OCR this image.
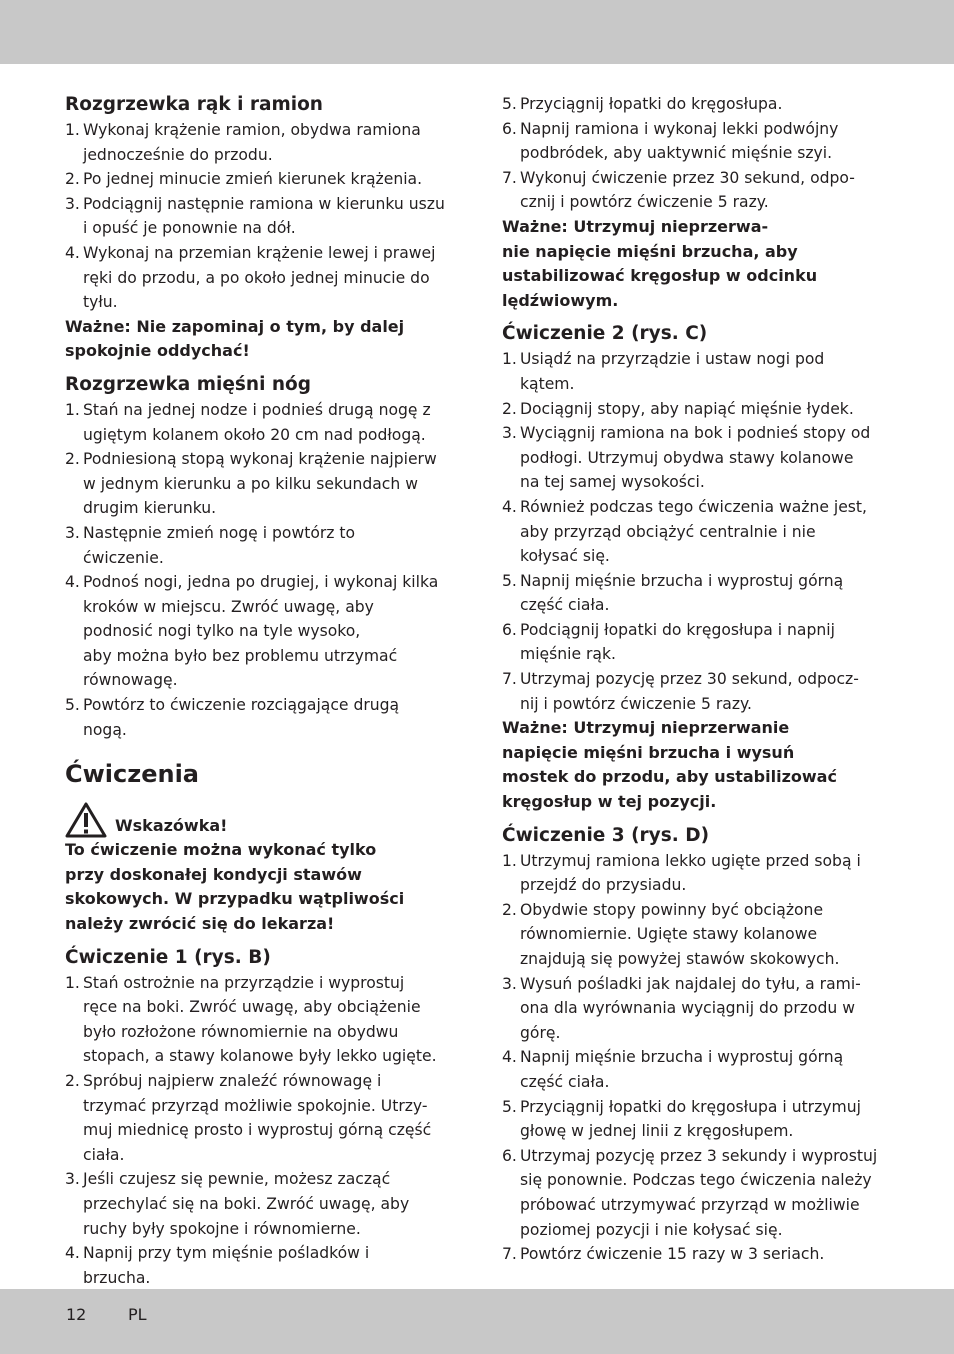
Rozgrzewka rąk i ramion
1. Wykonaj krążenie ramion, obydwa ramiona
jednocześnie do przodu.
2. Po jednej minucie zmień kierunek krążenia.
3. Podciągnij następnie ramiona w kierunku uszu
i opuść je ponownie na dół.
4. Wykonaj na przemian krążenie lewej i prawej
ręki do przodu, a po około jednej minucie do
tyłu.

Ważne: Nie zapominaj o tym, by dalej
spokojnie oddychać!

Rozgrzewka mięśni nóg
1. Stań na jednej nodze i podnieś drugą nogę z
ugiętym kolanem około 20 cm nad podłogą.
2. Podniesioną stopą wykonaj krążenie najpierw
w jednym kierunku a po kilku sekundach w
drugim kierunku.
3. Następnie zmień nogę i powtórz to
ćwiczenie.
4. Podnoś nogi, jedna po drugiej, i wykonaj kilka
kroków w miejscu. Zwróć uwagę, aby
podnosić nogi tylko na tyle wysoko,
aby można było bez problemu utrzymać
równowagę.
5. Powtórz to ćwiczenie rozciągające drugą
nogą.
Ćwiczenia
Wskazówka!

To ćwiczenie można wykonać tylko
przy doskonałej kondycji stawów
skokowych. W przypadku wątpliwości
należy zwrócić się do lekarza!

Ćwiczenie 1 (rys. B)
1. Stań ostrożnie na przyrządzie i wyprostuj
ręce na boki. Zwróć uwagę, aby obciążenie
było rozłożone równomiernie na obydwu
stopach, a stawy kolanowe były lekko ugięte.
2. Spróbuj najpierw znaleźć równowagę i
trzymać przyrząd możliwie spokojnie. Utrzy-
muj miednicę prosto i wyprostuj górną część
ciała.
3. Jeśli czujesz się pewnie, możesz zacząć
przechylać się na boki. Zwróć uwagę, aby
ruchy były spokojne i równomierne.
4. Napnij przy tym mięśnie pośladków i
brzucha.
5. Przyciągnij łopatki do kręgosłupa.
6. Napnij ramiona i wykonaj lekki podwójny
podbródek, aby uaktywnić mięśnie szyi.
7. Wykonuj ćwiczenie przez 30 sekund, odpo-
cznij i powtórz ćwiczenie 5 razy.

Ważne: Utrzymuj nieprzerwa-
nie napięcie mięśni brzucha, aby
ustabilizować kręgosłup w odcinku
lędźwiowym.

Ćwiczenie 2 (rys. C)
1. Usiądź na przyrządzie i ustaw nogi pod
kątem.
2. Dociągnij stopy, aby napiąć mięśnie łydek.
3. Wyciągnij ramiona na bok i podnieś stopy od
podłogi. Utrzymuj obydwa stawy kolanowe
na tej samej wysokości.
4. Również podczas tego ćwiczenia ważne jest,
aby przyrząd obciążyć centralnie i nie
kołysać się.
5. Napnij mięśnie brzucha i wyprostuj górną
część ciała.
6. Podciągnij łopatki do kręgosłupa i napnij
mięśnie rąk.
7. Utrzymaj pozycję przez 30 sekund, odpocz-
nij i powtórz ćwiczenie 5 razy.

Ważne: Utrzymuj nieprzerwanie
napięcie mięśni brzucha i wysuń
mostek do przodu, aby ustabilizować
kręgosłup w tej pozycji.

Ćwiczenie 3 (rys. D)
1. Utrzymuj ramiona lekko ugięte przed sobą i
przejdź do przysiadu.
2. Obydwie stopy powinny być obciążone
równomiernie. Ugięte stawy kolanowe
znajdują się powyżej stawów skokowych.
3. Wysuń pośladki jak najdalej do tyłu, a rami-
ona dla wyrównania wyciągnij do przodu w
górę.
4. Napnij mięśnie brzucha i wyprostuj górną
część ciała.
5. Przyciągnij łopatki do kręgosłupa i utrzymuj
głowę w jednej linii z kręgosłupem.
6. Utrzymaj pozycję przez 3 sekundy i wyprostuj
się ponownie. Podczas tego ćwiczenia należy
próbować utrzymywać przyrząd w możliwie
poziomej pozycji i nie kołysać się.
7. Powtórz ćwiczenie 15 razy w 3 seriach.
12	PL
